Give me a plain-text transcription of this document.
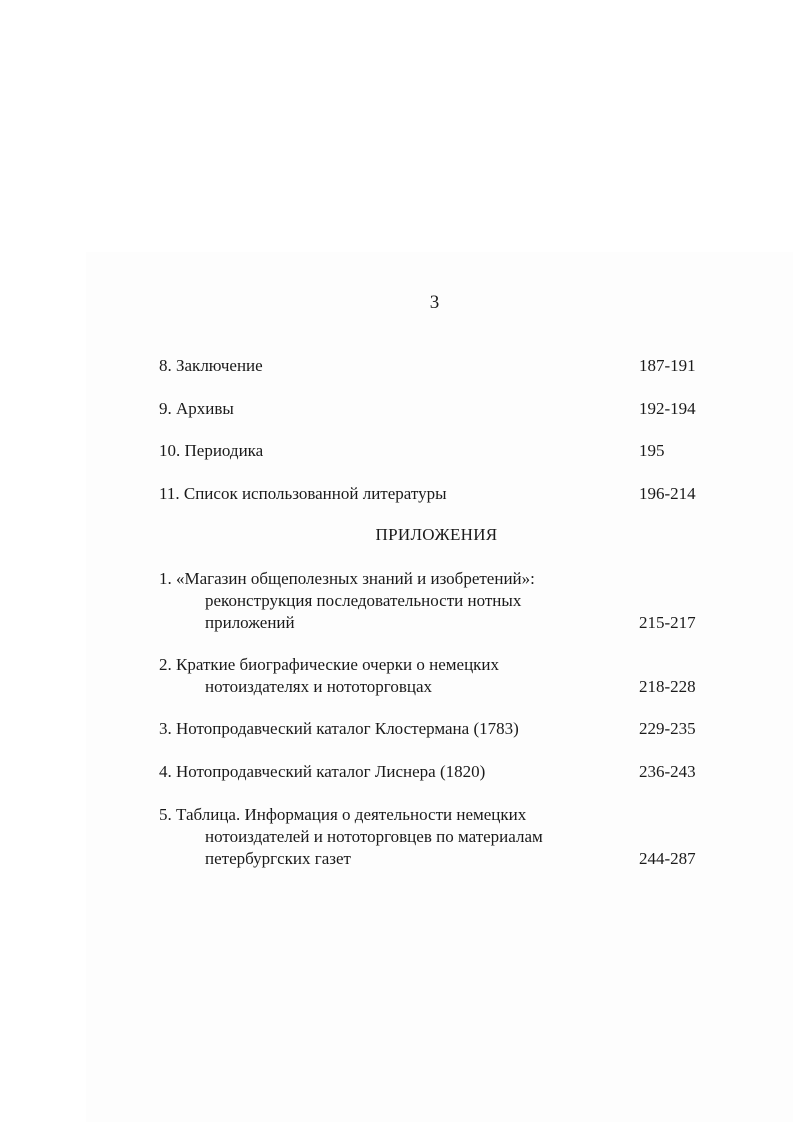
3
8. Заключение	187-191
9. Архивы	192-194
10. Периодика	195
11. Список использованной литературы	196-214
ПРИЛОЖЕНИЯ
1. «Магазин общеполезных знаний и изобретений»:
реконструкция последовательности нотных
приложений	215-217
2. Краткие биографические очерки о немецких
нотоиздателях и нототорговцах	218-228
3. Нотопродавческий каталог Клостермана (1783)	229-235
4. Нотопродавческий каталог Лиснера (1820)	236-243
5. Таблица. Информация о деятельности немецких
нотоиздателей и нототорговцев по материалам
петербургских газет	244-287
